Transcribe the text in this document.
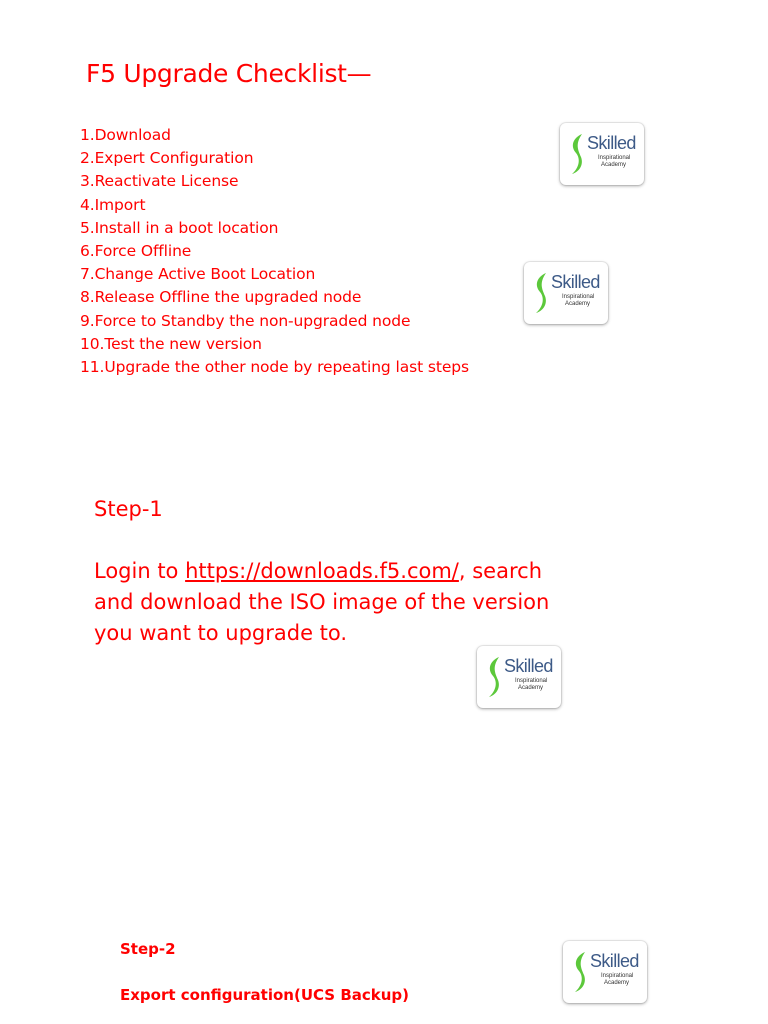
F5 Upgrade Checklist—
1.Download
2.Expert Configuration
3.Reactivate License
4.Import
5.Install in a boot location
6.Force Offline
7.Change Active Boot Location
8.Release Offline the upgraded node
9.Force to Standby the non-upgraded node
10.Test the new version
11.Upgrade the other node by repeating last steps
Skilled
Inspirational
Academy
Skilled
Inspirational
Academy
Step-1
Login to https://downloads.f5.com/, search
and download the ISO image of the version
you want to upgrade to.
Skilled
Inspirational
Academy
Step-2
Export configuration(UCS Backup)
Skilled
Inspirational
Academy
